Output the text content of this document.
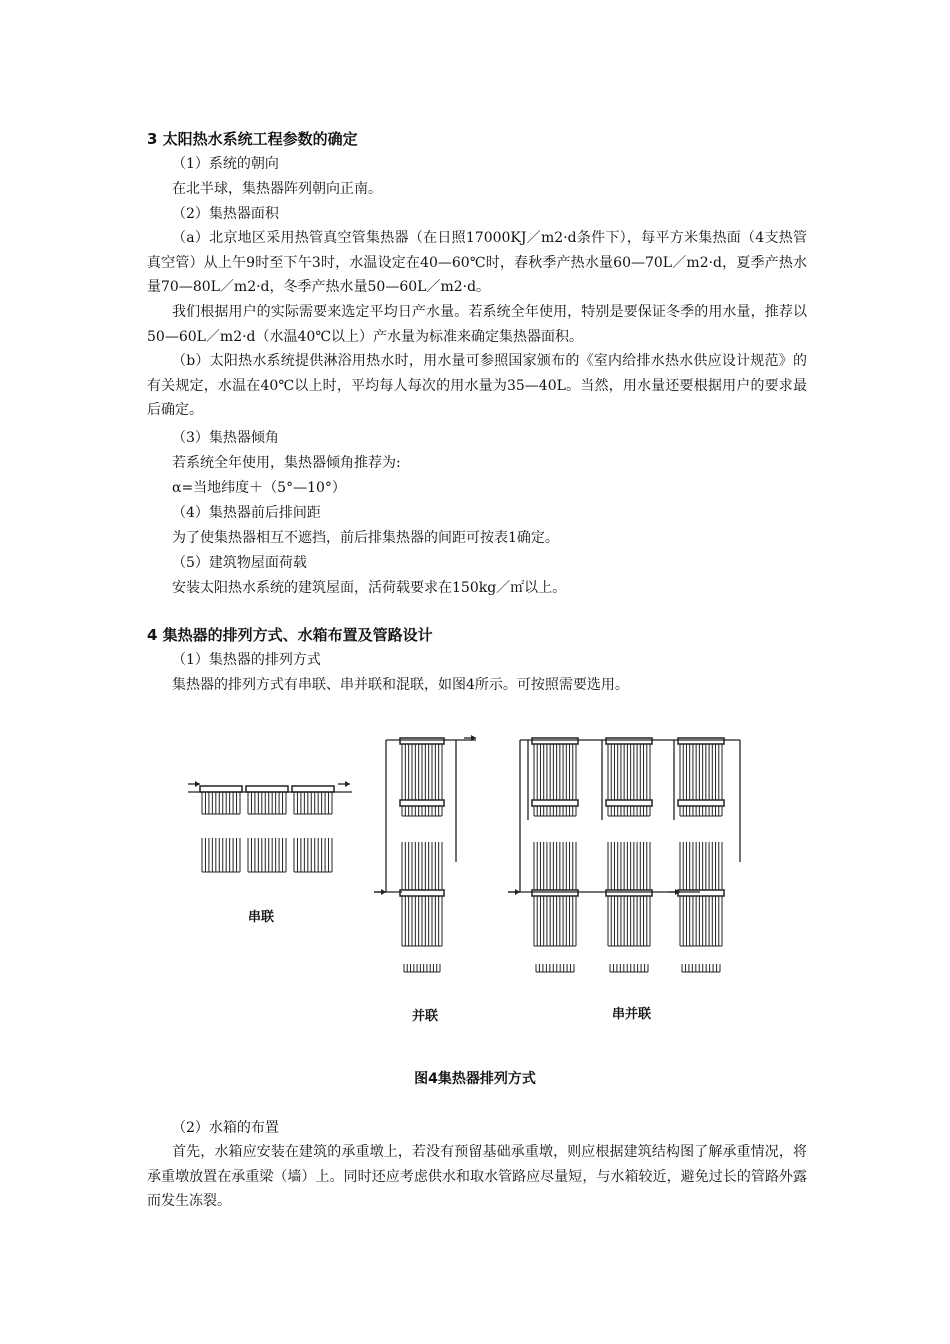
3 太阳热水系统工程参数的确定
（1）系统的朝向
在北半球，集热器阵列朝向正南。
（2）集热器面积
（a）北京地区采用热管真空管集热器（在日照17000KJ／m2·d条件下），每平方米集热面（4支热管真空管）从上午9时至下午3时，水温设定在40—60℃时，春秋季产热水量60—70L／m2·d，夏季产热水量70—80L／m2·d，冬季产热水量50—60L／m2·d。
我们根据用户的实际需要来选定平均日产水量。若系统全年使用，特别是要保证冬季的用水量，推荐以50—60L／m2·d（水温40℃以上）产水量为标准来确定集热器面积。
（b）太阳热水系统提供淋浴用热水时，用水量可参照国家颁布的《室内给排水热水供应设计规范》的有关规定，水温在40℃以上时，平均每人每次的用水量为35—40L。当然，用水量还要根据用户的要求最后确定。
（3）集热器倾角
若系统全年使用，集热器倾角推荐为:
α=当地纬度＋（5°—10°）
（4）集热器前后排间距
为了使集热器相互不遮挡，前后排集热器的间距可按表1确定。
（5）建筑物屋面荷载
安装太阳热水系统的建筑屋面，活荷载要求在150kg／㎡以上。
4 集热器的排列方式、水箱布置及管路设计
（1）集热器的排列方式
集热器的排列方式有串联、串并联和混联，如图4所示。可按照需要选用。
串联
并联	串并联
图4集热器排列方式
（2）水箱的布置
首先，水箱应安装在建筑的承重墩上，若没有预留基础承重墩，则应根据建筑结构图了解承重情况，将承重墩放置在承重梁（墙）上。同时还应考虑供水和取水管路应尽量短，与水箱较近，避免过长的管路外露而发生冻裂。
